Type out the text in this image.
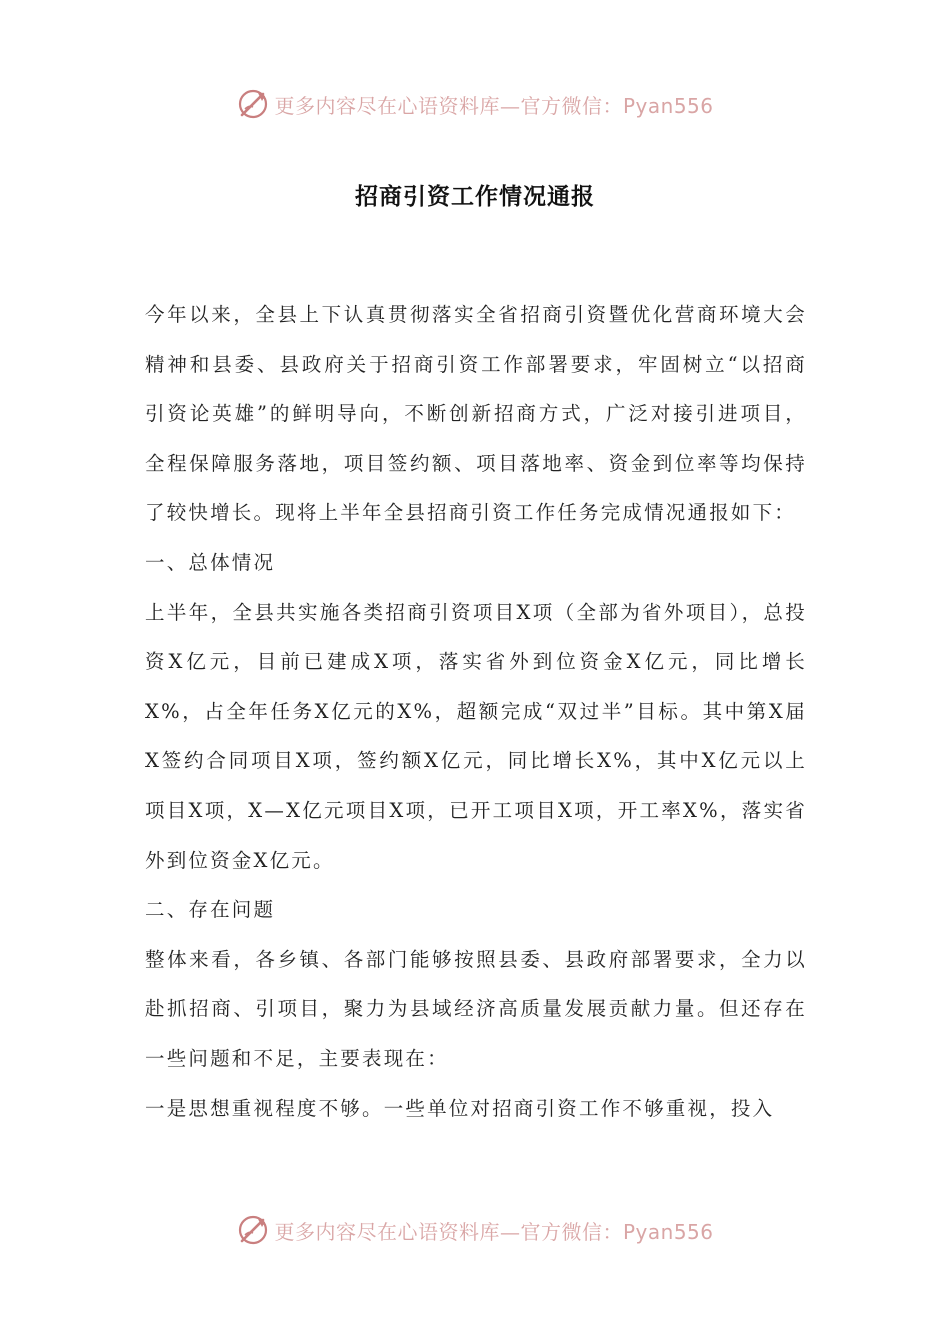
更多内容尽在心语资料库—官方微信：Pyan556
招商引资工作情况通报

今年以来，全县上下认真贯彻落实全省招商引资暨优化营商环境大会精神和县委、县政府关于招商引资工作部署要求，牢固树立“以招商引资论英雄”的鲜明导向，不断创新招商方式，广泛对接引进项目，全程保障服务落地，项目签约额、项目落地率、资金到位率等均保持了较快增长。现将上半年全县招商引资工作任务完成情况通报如下：

一、总体情况

上半年，全县共实施各类招商引资项目X项（全部为省外项目），总投资X亿元，目前已建成X项，落实省外到位资金X亿元，同比增长X%，占全年任务X亿元的X%，超额完成“双过半”目标。其中第X届X签约合同项目X项，签约额X亿元，同比增长X%，其中X亿元以上项目X项，X—X亿元项目X项，已开工项目X项，开工率X%，落实省外到位资金X亿元。

二、存在问题

整体来看，各乡镇、各部门能够按照县委、县政府部署要求，全力以赴抓招商、引项目，聚力为县域经济高质量发展贡献力量。但还存在一些问题和不足，主要表现在：

一是思想重视程度不够。一些单位对招商引资工作不够重视，投入

更多内容尽在心语资料库—官方微信：Pyan556
